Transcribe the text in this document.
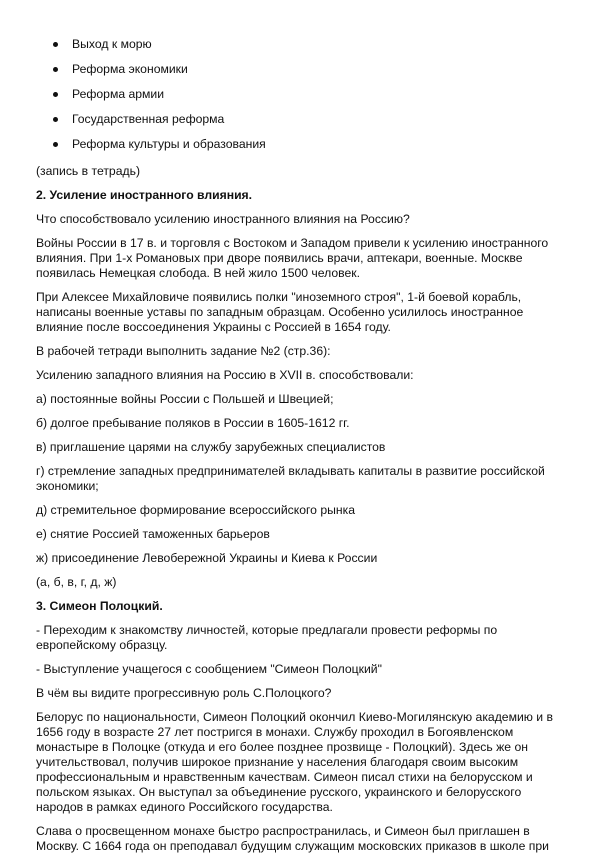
Выход к морю
Реформа экономики
Реформа армии
Государственная реформа
Реформа культуры и образования

(запись в тетрадь)

2. Усиление иностранного влияния.

Что способствовало усилению иностранного влияния на Россию?

Войны России в 17 в. и торговля с Востоком и Западом привели к усилению иностранного влияния. При 1-х Романовых при дворе появились врачи, аптекари, военные. Москве появилась Немецкая слобода. В ней жило 1500 человек.

При Алексее Михайловиче появились полки "иноземного строя", 1-й боевой корабль, написаны военные уставы по западным образцам. Особенно усилилось иностранное влияние после воссоединения Украины с Россией в 1654 году.

В рабочей тетради выполнить задание №2 (стр.36):

Усилению западного влияния на Россию в XVII в. способствовали:

а) постоянные войны России с Польшей и Швецией;

б) долгое пребывание поляков в России в 1605-1612 гг.

в) приглашение царями на службу зарубежных специалистов

г) стремление западных предпринимателей вкладывать капиталы в развитие российской экономики;

д) стремительное формирование всероссийского рынка

е) снятие Россией таможенных барьеров

ж) присоединение Левобережной Украины и Киева к России

(а, б, в, г, д, ж)

3. Симеон Полоцкий.

- Переходим к знакомству личностей, которые предлагали провести реформы по европейскому образцу.

- Выступление учащегося с сообщением "Симеон Полоцкий"

В чём вы видите прогрессивную роль С.Полоцкого?

Белорус по национальности, Симеон Полоцкий окончил Киево-Могилянскую академию и в 1656 году в возрасте 27 лет постригся в монахи. Службу проходил в Богоявленском монастыре в Полоцке (откуда и его более позднее прозвище - Полоцкий). Здесь же он учительствовал, получив широкое признание у населения благодаря своим высоким профессиональным и нравственным качествам. Симеон писал стихи на белорусском и польском языках. Он выступал за объединение русского, украинского и белорусского народов в рамках единого Российского государства.

Слава о просвещенном монахе быстро распространилась, и Симеон был приглашен в Москву. С 1664 года он преподавал будущим служащим московских приказов в школе при
